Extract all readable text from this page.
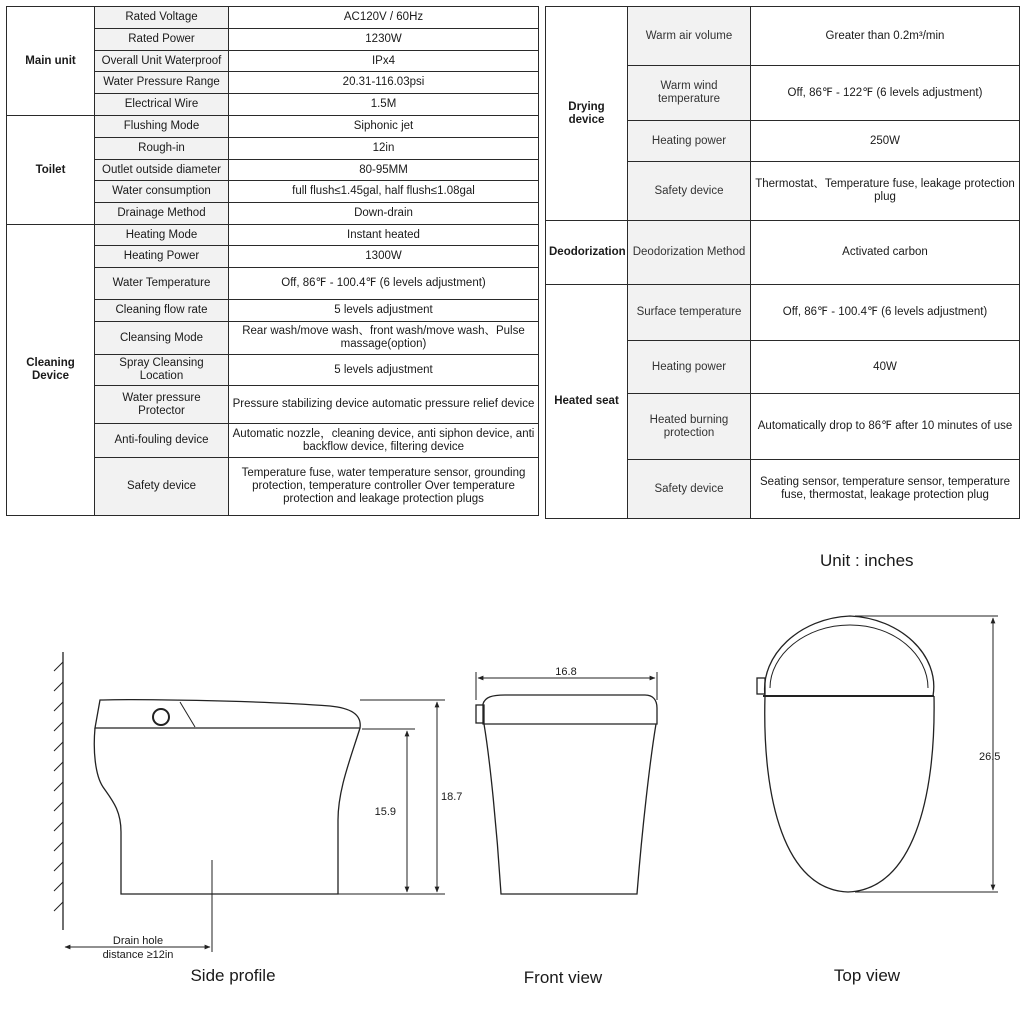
Main unit	Rated Voltage	AC120V / 60Hz
	Rated Power	1230W
	Overall Unit Waterproof	IPx4
	Water Pressure Range	20.31-116.03psi
	Electrical Wire	1.5M
Toilet	Flushing Mode	Siphonic jet
	Rough-in	12in
	Outlet outside diameter	80-95MM
	Water consumption	full flush≤1.45gal, half flush≤1.08gal
	Drainage Method	Down-drain
Cleaning Device	Heating Mode	Instant heated
	Heating Power	1300W
	Water Temperature	Off, 86℉ - 100.4℉ (6 levels adjustment)
	Cleaning flow rate	5 levels adjustment
	Cleansing Mode	Rear wash/move wash、front wash/move wash、Pulse massage(option)
	Spray Cleansing Location	5 levels adjustment
	Water pressure Protector	Pressure stabilizing device automatic pressure relief device
	Anti-fouling device	Automatic nozzle，cleaning device, anti siphon device, anti backflow device, filtering device
	Safety device	Temperature fuse, water temperature sensor, grounding protection, temperature controller Over temperature protection and leakage protection plugs
Drying device	Warm air volume	Greater than 0.2m³/min
	Warm wind temperature	Off, 86℉ - 122℉ (6 levels adjustment)
	Heating power	250W
	Safety device	Thermostat、Temperature fuse, leakage protection plug
Deodorization	Deodorization Method	Activated carbon
Heated seat	Surface temperature	Off, 86℉ - 100.4℉ (6 levels adjustment)
	Heating power	40W
	Heated burning protection	Automatically drop to 86℉ after 10 minutes of use
	Safety device	Seating sensor, temperature sensor, temperature fuse, thermostat, leakage protection plug
Unit : inches
15.9
18.7
Drain hole
distance ≥12in
Side profile
16.8
Front view
26.5
Top view
